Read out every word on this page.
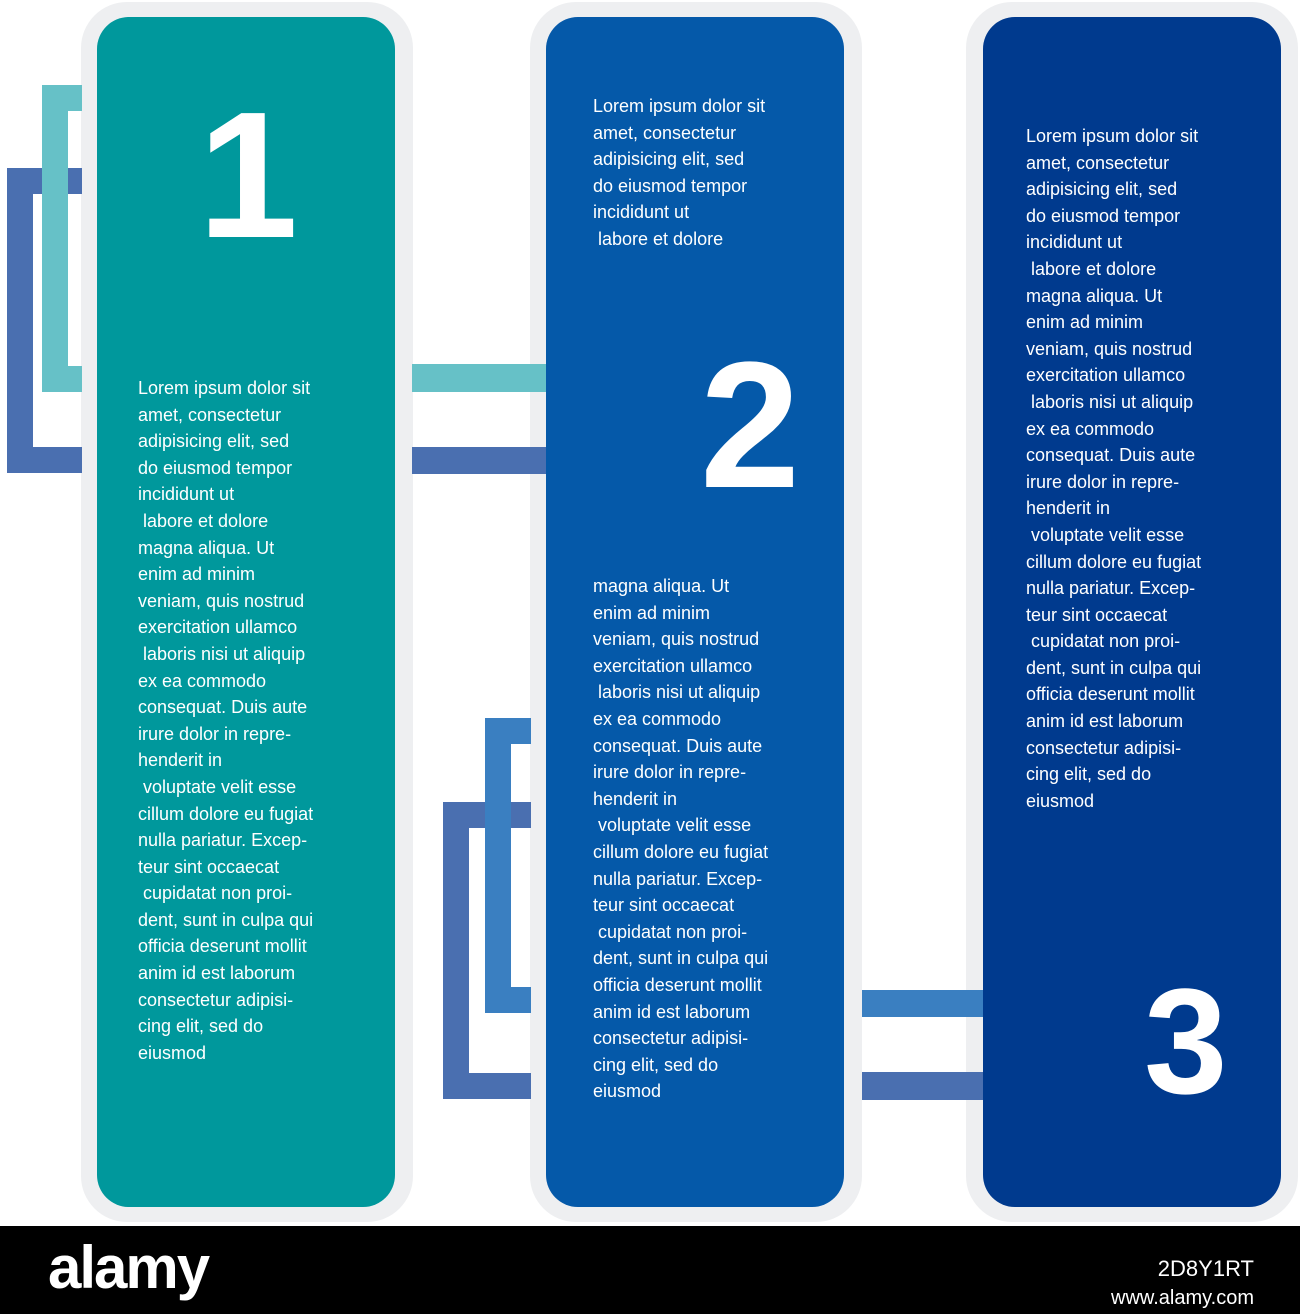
1
2
3
Lorem ipsum dolor sit
amet, consectetur
adipisicing elit, sed
do eiusmod tempor
incididunt ut
labore et dolore
magna aliqua. Ut
enim ad minim
veniam, quis nostrud
exercitation ullamco
laboris nisi ut aliquip
ex ea commodo
consequat. Duis aute
irure dolor in repre-
henderit in
voluptate velit esse
cillum dolore eu fugiat
nulla pariatur. Excep-
teur sint occaecat
cupidatat non proi-
dent, sunt in culpa qui
officia deserunt mollit
anim id est laborum
consectetur adipisi-
cing elit, sed do
eiusmod
Lorem ipsum dolor sit
amet, consectetur
adipisicing elit, sed
do eiusmod tempor
incididunt ut
labore et dolore
magna aliqua. Ut
enim ad minim
veniam, quis nostrud
exercitation ullamco
laboris nisi ut aliquip
ex ea commodo
consequat. Duis aute
irure dolor in repre-
henderit in
voluptate velit esse
cillum dolore eu fugiat
nulla pariatur. Excep-
teur sint occaecat
cupidatat non proi-
dent, sunt in culpa qui
officia deserunt mollit
anim id est laborum
consectetur adipisi-
cing elit, sed do
eiusmod
Lorem ipsum dolor sit
amet, consectetur
adipisicing elit, sed
do eiusmod tempor
incididunt ut
labore et dolore
magna aliqua. Ut
enim ad minim
veniam, quis nostrud
exercitation ullamco
laboris nisi ut aliquip
ex ea commodo
consequat. Duis aute
irure dolor in repre-
henderit in
voluptate velit esse
cillum dolore eu fugiat
nulla pariatur. Excep-
teur sint occaecat
cupidatat non proi-
dent, sunt in culpa qui
officia deserunt mollit
anim id est laborum
consectetur adipisi-
cing elit, sed do
eiusmod
alamy	2D8Y1RT
www.alamy.com
